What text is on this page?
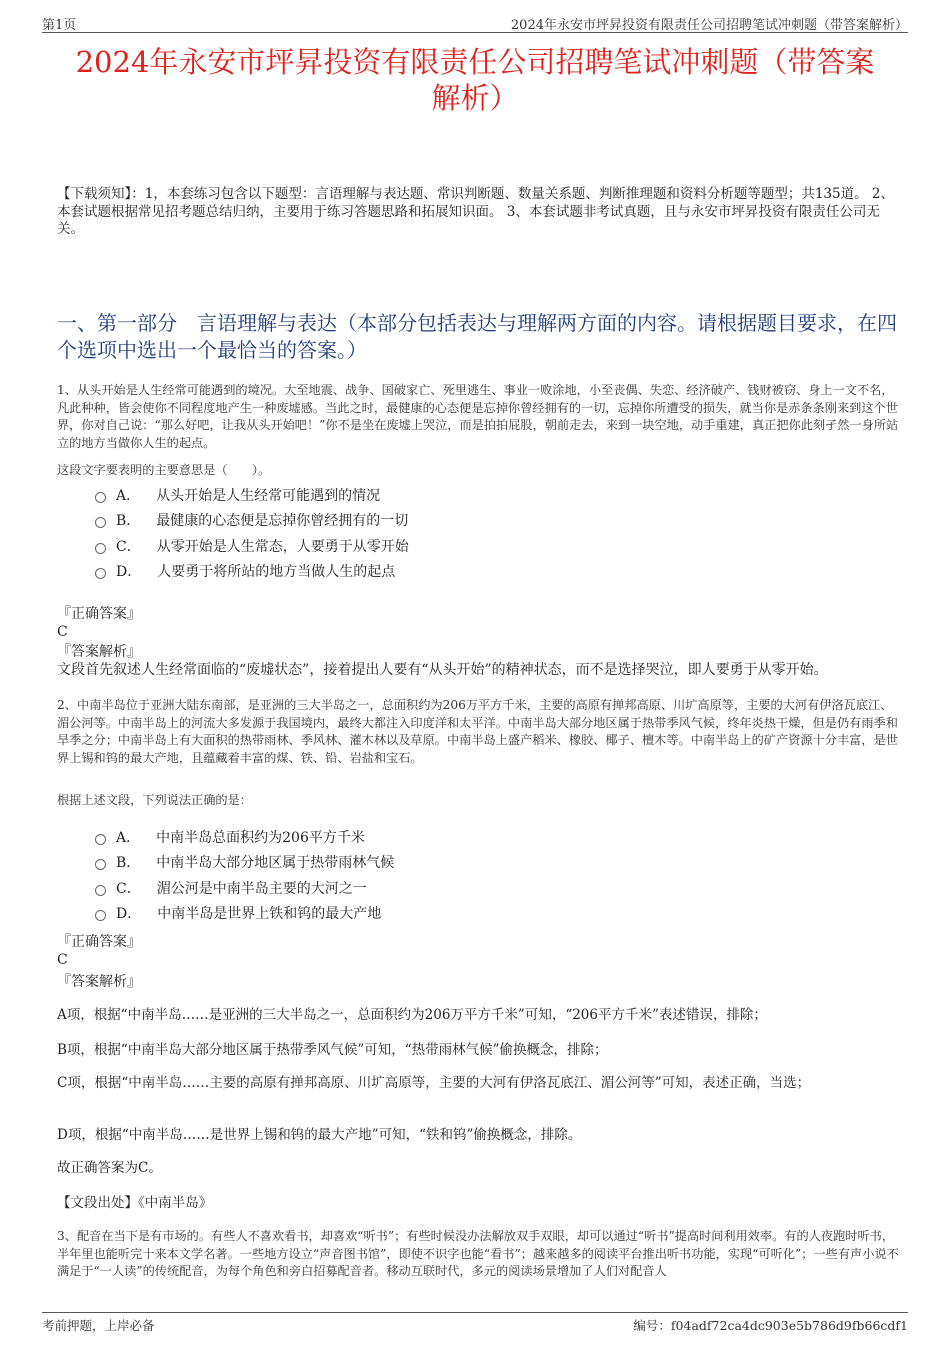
第1页	2024年永安市坪昇投资有限责任公司招聘笔试冲刺题（带答案解析）
2024年永安市坪昇投资有限责任公司招聘笔试冲刺题（带答案
解析）
【下载须知】：1，本套练习包含以下题型：言语理解与表达题、常识判断题、数量关系题、判断推理题和资料分析题等题型；共135道。 2、本套试题根据常见招考题总结归纳，主要用于练习答题思路和拓展知识面。 3、本套试题非考试真题，且与永安市坪昇投资有限责任公司无关。
一、第一部分　言语理解与表达（本部分包括表达与理解两方面的内容。请根据题目要求，在四个选项中选出一个最恰当的答案。）
1、从头开始是人生经常可能遇到的境况。大至地震、战争、国破家亡、死里逃生、事业一败涂地，小至丧偶、失恋、经济破产、钱财被窃、身上一文不名，凡此种种，皆会使你不同程度地产生一种废墟感。当此之时，最健康的心态便是忘掉你曾经拥有的一切，忘掉你所遭受的损失，就当你是赤条条刚来到这个世界，你对自己说：“那么好吧，让我从头开始吧！”你不是坐在废墟上哭泣，而是拍拍屁股，朝前走去，来到一块空地，动手重建，真正把你此刻孑然一身所站立的地方当做你人生的起点。
这段文字要表明的主要意思是（　　）。
A． 从头开始是人生经常可能遇到的情况
B． 最健康的心态便是忘掉你曾经拥有的一切
C． 从零开始是人生常态，人要勇于从零开始
D． 人要勇于将所站的地方当做人生的起点
『正确答案』
C
『答案解析』
文段首先叙述人生经常面临的“废墟状态”，接着提出人要有“从头开始”的精神状态，而不是选择哭泣，即人要勇于从零开始。
2、中南半岛位于亚洲大陆东南部，是亚洲的三大半岛之一，总面积约为206万平方千米，主要的高原有掸邦高原、川圹高原等，主要的大河有伊洛瓦底江、湄公河等。中南半岛上的河流大多发源于我国境内，最终大都注入印度洋和太平洋。中南半岛大部分地区属于热带季风气候，终年炎热干燥，但是仍有雨季和旱季之分；中南半岛上有大面积的热带雨林、季风林、灌木林以及草原。中南半岛上盛产稻米、橡胶、椰子、檀木等。中南半岛上的矿产资源十分丰富，是世界上锡和钨的最大产地，且蕴藏着丰富的煤、铁、铅、岩盐和宝石。
根据上述文段，下列说法正确的是：
A． 中南半岛总面积约为206平方千米
B． 中南半岛大部分地区属于热带雨林气候
C． 湄公河是中南半岛主要的大河之一
D． 中南半岛是世界上铁和钨的最大产地
『正确答案』
C
『答案解析』
A项，根据“中南半岛……是亚洲的三大半岛之一，总面积约为206万平方千米”可知，“206平方千米”表述错误，排除；
B项，根据“中南半岛大部分地区属于热带季风气候”可知，“热带雨林气候”偷换概念，排除；
C项，根据“中南半岛……主要的高原有掸邦高原、川圹高原等，主要的大河有伊洛瓦底江、湄公河等”可知，表述正确，当选；
D项，根据“中南半岛……是世界上锡和钨的最大产地”可知，“铁和钨”偷换概念，排除。
故正确答案为C。
【文段出处】《中南半岛》
3、配音在当下是有市场的。有些人不喜欢看书，却喜欢“听书”；有些时候没办法解放双手双眼，却可以通过“听书”提高时间利用效率。有的人夜跑时听书，半年里也能听完十来本文学名著。一些地方设立“声音图书馆”，即使不识字也能“看书”；越来越多的阅读平台推出听书功能，实现“可听化”；一些有声小说不满足于“一人读”的传统配音，为每个角色和旁白招募配音者。移动互联时代，多元的阅读场景增加了人们对配音人
考前押题，上岸必备	编号：f04adf72ca4dc903e5b786d9fb66cdf1
